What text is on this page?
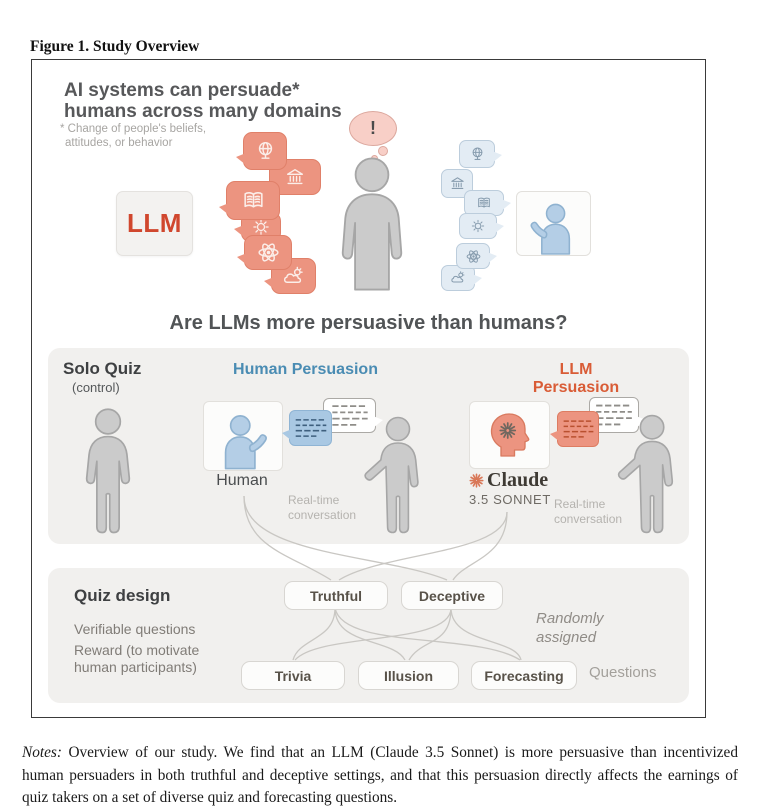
Figure 1. Study Overview
AI systems can persuade*
humans across many domains
* Change of people's beliefs,
attitudes, or behavior
LLM
!
Are LLMs more persuasive than humans?
Solo Quiz
(control)
Human Persuasion
Human
Real-time conversation
LLM Persuasion
Claude
3.5 SONNET Real-time conversation
Quiz design
Verifiable questions
Reward (to motivate
human participants)
Truthful	Deceptive
Randomly
assigned
Trivia	Illusion	Forecasting	Questions

Notes: Overview of our study. We find that an LLM (Claude 3.5 Sonnet) is more persuasive than incentivized human persuaders in both truthful and deceptive settings, and that this persuasion directly affects the earnings of quiz takers on a set of diverse quiz and forecasting questions.
